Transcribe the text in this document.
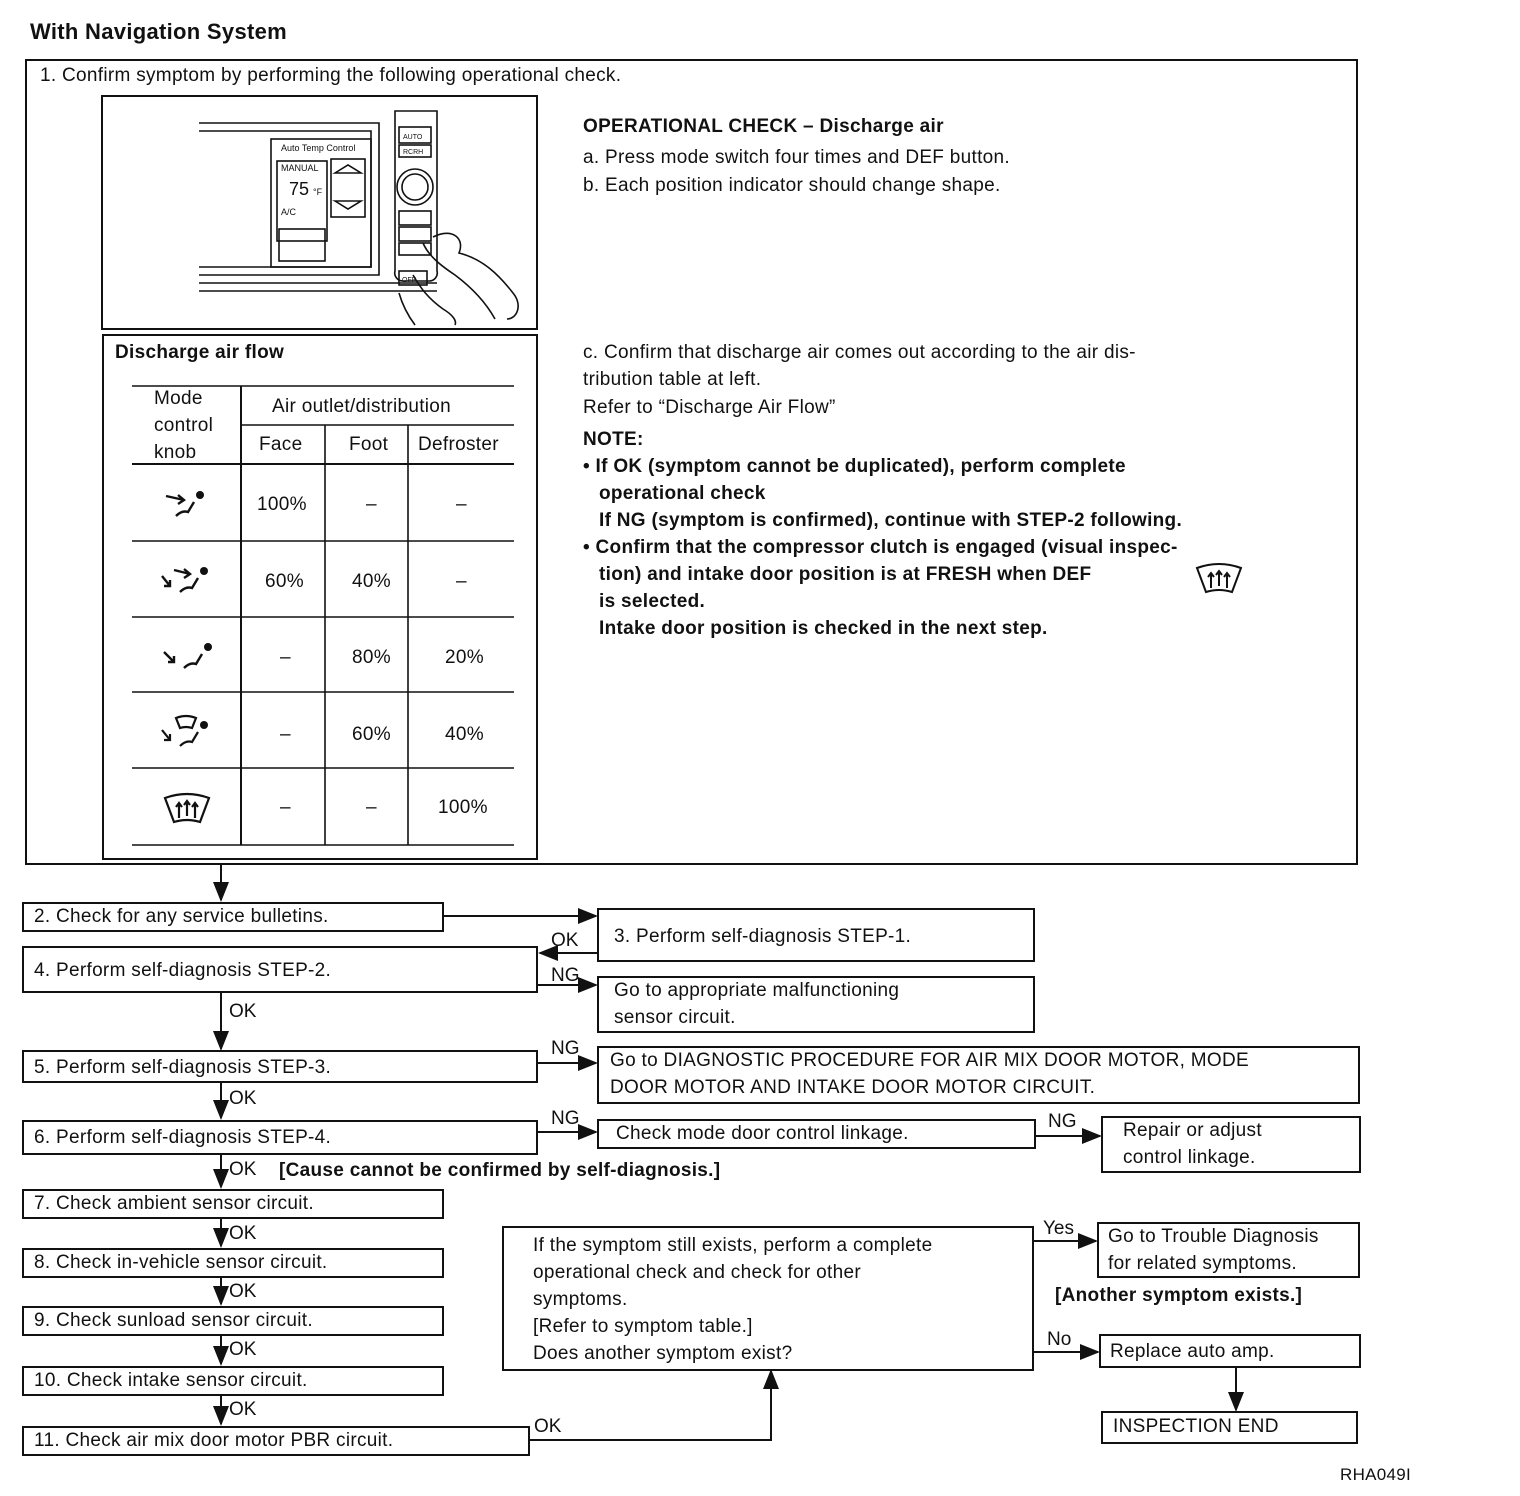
With Navigation System
1. Confirm symptom by performing the following operational check.
Auto Temp Control
MANUAL
75 °F
A/C
AUTO
RCRH
OFF
OPERATIONAL CHECK – Discharge air
a. Press mode switch four times and DEF button.
b. Each position indicator should change shape.
c. Confirm that discharge air comes out according to the air dis-
tribution table at left.
Refer to “Discharge Air Flow”
NOTE:
• If OK (symptom cannot be duplicated), perform complete
operational check
If NG (symptom is confirmed), continue with STEP-2 following.
• Confirm that the compressor clutch is engaged (visual inspec-
tion) and intake door position is at FRESH when DEF
is selected.
Intake door position is checked in the next step.
Discharge air flow
Mode
control
knob
Air outlet/distribution
Face Foot Defroster
100%	–	–
60%	40%	–
–	80%	20%
–	60%	40%
–	–	100%
2. Check for any service bulletins.
3. Perform self-diagnosis STEP-1.
4. Perform self-diagnosis STEP-2.
Go to appropriate malfunctioning
sensor circuit.
5. Perform self-diagnosis STEP-3.	Go to DIAGNOSTIC PROCEDURE FOR AIR MIX DOOR MOTOR, MODE
DOOR MOTOR AND INTAKE DOOR MOTOR CIRCUIT.
6. Perform self-diagnosis STEP-4.	Check mode door control linkage.	Repair or adjust
control linkage.
[Cause cannot be confirmed by self-diagnosis.]
7. Check ambient sensor circuit.
8. Check in-vehicle sensor circuit.
9. Check sunload sensor circuit.
10. Check intake sensor circuit.
11. Check air mix door motor PBR circuit.
If the symptom still exists, perform a complete
operational check and check for other
symptoms.
[Refer to symptom table.]
Does another symptom exist?
Go to Trouble Diagnosis
for related symptoms.
[Another symptom exists.]
Replace auto amp.
INSPECTION END
OK
NG
OK
NG
OK
NG	NG
OK
OK
OK
OK
OK
OK
Yes
No
RHA049I
